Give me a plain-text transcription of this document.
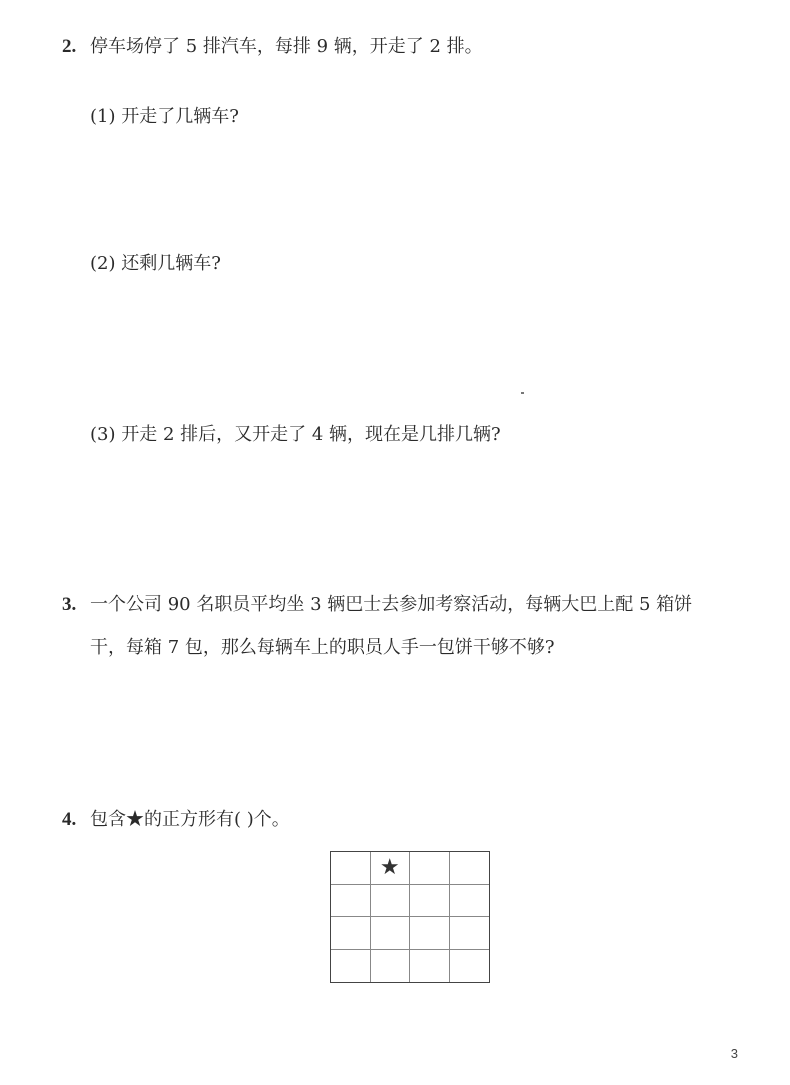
2. 停车场停了 5 排汽车，每排 9 辆，开走了 2 排。
(1) 开走了几辆车?
(2) 还剩几辆车?
(3) 开走 2 排后，又开走了 4 辆，现在是几排几辆?
3. 一个公司 90 名职员平均坐 3 辆巴士去参加考察活动，每辆大巴上配 5 箱饼
干，每箱 7 包，那么每辆车上的职员人手一包饼干够不够?
4. 包含★的正方形有( )个。
★
3
